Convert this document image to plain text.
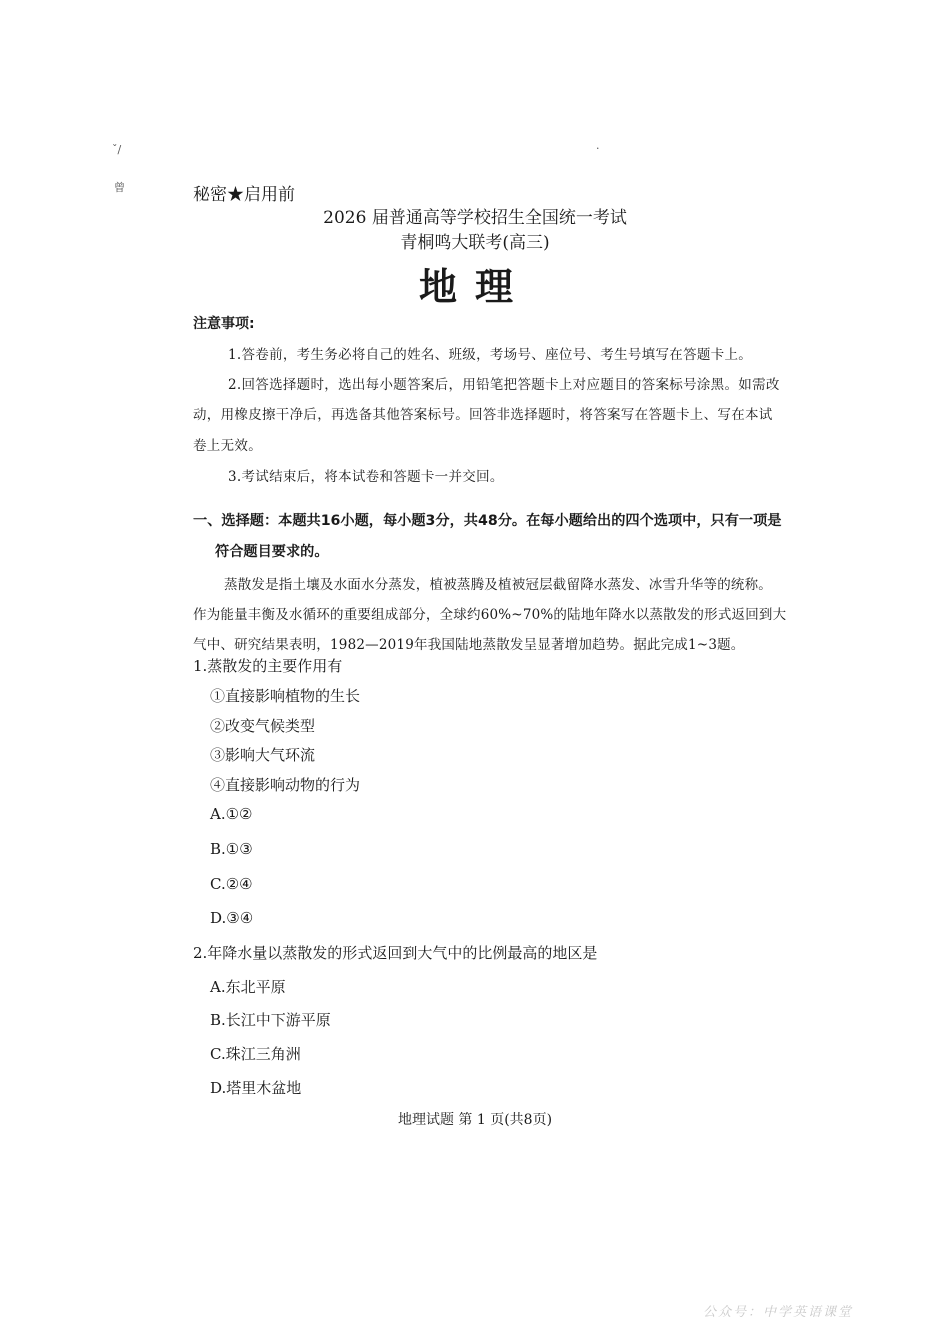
ˇ/	·
曾	秘密★启用前
2026 届普通高等学校招生全国统一考试
青桐鸣大联考(高三)
地理
注意事项:
1.答卷前，考生务必将自己的姓名、班级，考场号、座位号、考生号填写在答题卡上。
2.回答选择题时，选出每小题答案后，用铅笔把答题卡上对应题目的答案标号涂黑。如需改
动，用橡皮擦干净后，再选备其他答案标号。回答非选择题时，将答案写在答题卡上、写在本试
卷上无效。
3.考试结束后，将本试卷和答题卡一并交回。
一、选择题：本题共16小题，每小题3分，共48分。在每小题给出的四个选项中，只有一项是
符合题目要求的。
蒸散发是指土壤及水面水分蒸发，植被蒸腾及植被冠层截留降水蒸发、冰雪升华等的统称。
作为能量丰衡及水循环的重要组成部分，全球约60%~70%的陆地年降水以蒸散发的形式返回到大
气中、研究结果表明，1982—2019年我国陆地蒸散发呈显著增加趋势。据此完成1~3题。
1.蒸散发的主要作用有
①直接影响植物的生长
②改变气候类型
③影响大气环流
④直接影响动物的行为
A.①②
B.①③
C.②④
D.③④
2.年降水量以蒸散发的形式返回到大气中的比例最高的地区是
A.东北平原
B.长江中下游平原
C.珠江三角洲
D.塔里木盆地
地理试题 第 1 页(共8页)
公众号：中学英语课堂
